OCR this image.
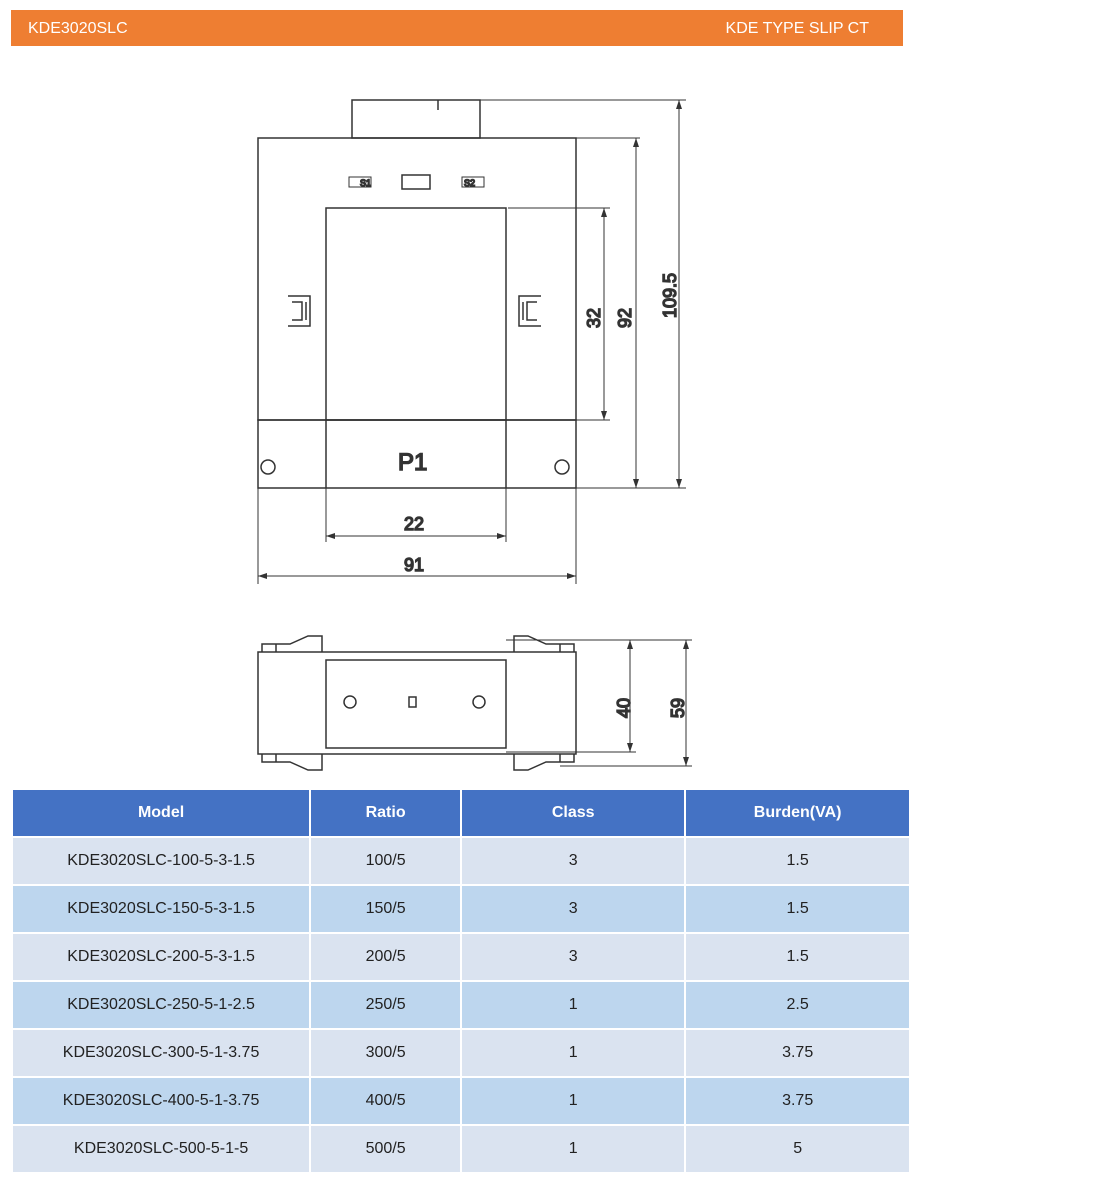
KDE3020SLC	KDE TYPE SLIP CT
S1	S2
P1
22
91
32 92 109.5
40 59
Model	Ratio	Class	Burden(VA)
KDE3020SLC-100-5-3-1.5	100/5	3	1.5
KDE3020SLC-150-5-3-1.5	150/5	3	1.5
KDE3020SLC-200-5-3-1.5	200/5	3	1.5
KDE3020SLC-250-5-1-2.5	250/5	1	2.5
KDE3020SLC-300-5-1-3.75	300/5	1	3.75
KDE3020SLC-400-5-1-3.75	400/5	1	3.75
KDE3020SLC-500-5-1-5	500/5	1	5
